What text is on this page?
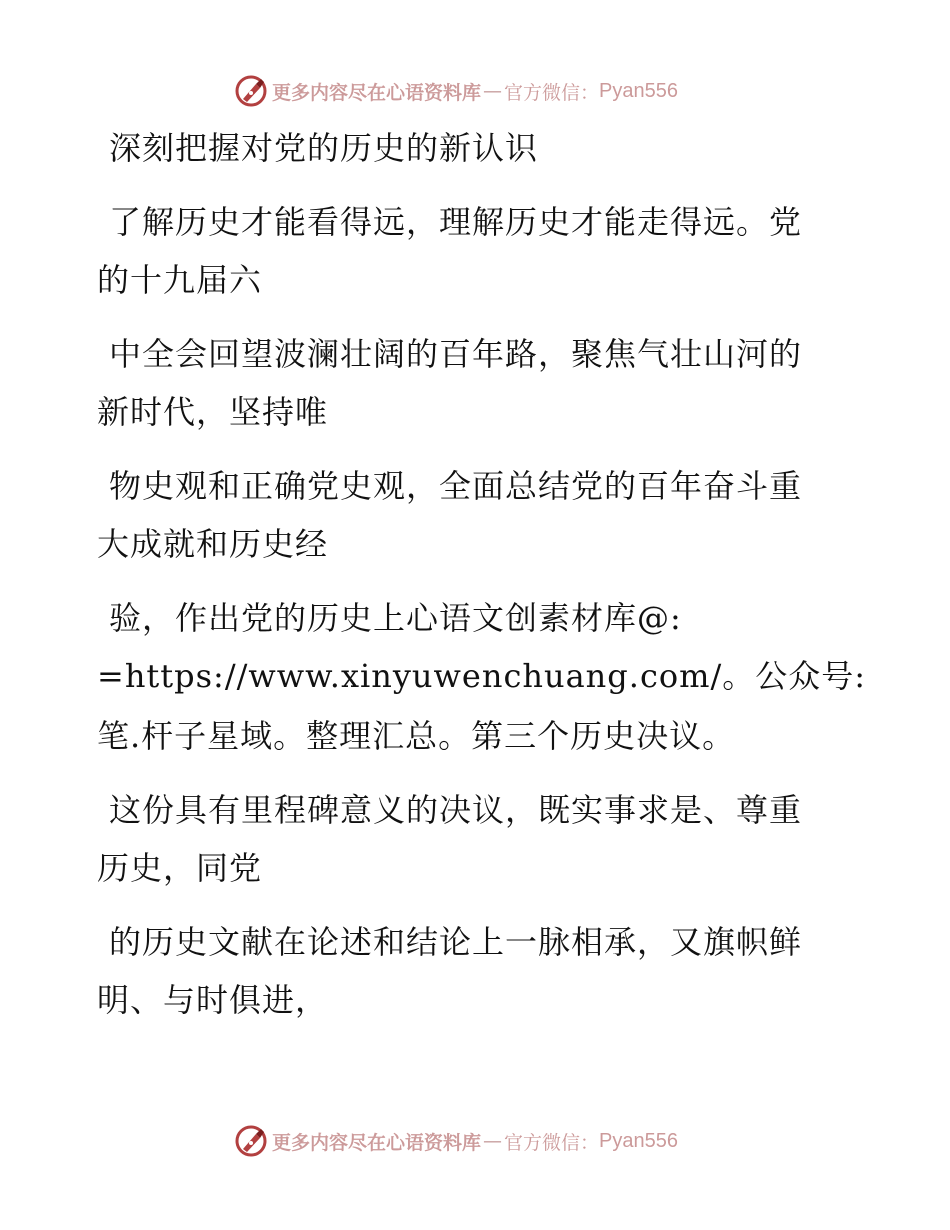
更多内容尽在心语资料库 — 官方微信： Pyan556
深刻把握对党的历史的新认识
了解历史才能看得远，理解历史才能走得远。党
的十九届六
中全会回望波澜壮阔的百年路，聚焦气壮山河的
新时代，坚持唯
物史观和正确党史观，全面总结党的百年奋斗重
大成就和历史经
验，作出党的历史上心语文创素材库@:
=https://www.xinyuwenchuang.com/。公众号:
笔.杆子星域。整理汇总。第三个历史决议。
这份具有里程碑意义的决议，既实事求是、尊重
历史，同党
的历史文献在论述和结论上一脉相承，又旗帜鲜
明、与时俱进，
更多内容尽在心语资料库 — 官方微信： Pyan556
